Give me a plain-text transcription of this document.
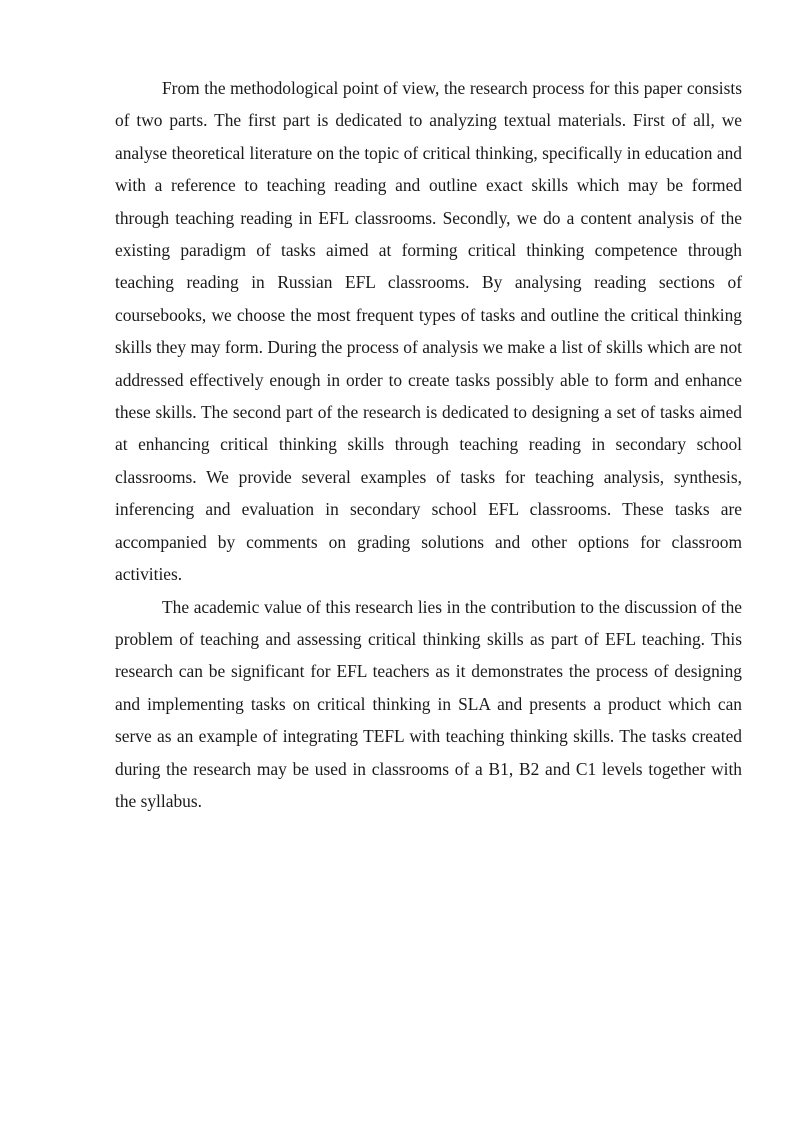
From the methodological point of view, the research process for this paper consists of two parts. The first part is dedicated to analyzing textual materials. First of all, we analyse theoretical literature on the topic of critical thinking, specifically in education and with a reference to teaching reading and outline exact skills which may be formed through teaching reading in EFL classrooms. Secondly, we do a content analysis of the existing paradigm of tasks aimed at forming critical thinking competence through teaching reading in Russian EFL classrooms. By analysing reading sections of coursebooks, we choose the most frequent types of tasks and outline the critical thinking skills they may form. During the process of analysis we make a list of skills which are not addressed effectively enough in order to create tasks possibly able to form and enhance these skills. The second part of the research is dedicated to designing a set of tasks aimed at enhancing critical thinking skills through teaching reading in secondary school classrooms. We provide several examples of tasks for teaching analysis, synthesis, inferencing and evaluation in secondary school EFL classrooms. These tasks are accompanied by comments on grading solutions and other options for classroom activities.

The academic value of this research lies in the contribution to the discussion of the problem of teaching and assessing critical thinking skills as part of EFL teaching. This research can be significant for EFL teachers as it demonstrates the process of designing and implementing tasks on critical thinking in SLA and presents a product which can serve as an example of integrating TEFL with teaching thinking skills. The tasks created during the research may be used in classrooms of a B1, B2 and C1 levels together with the syllabus.
